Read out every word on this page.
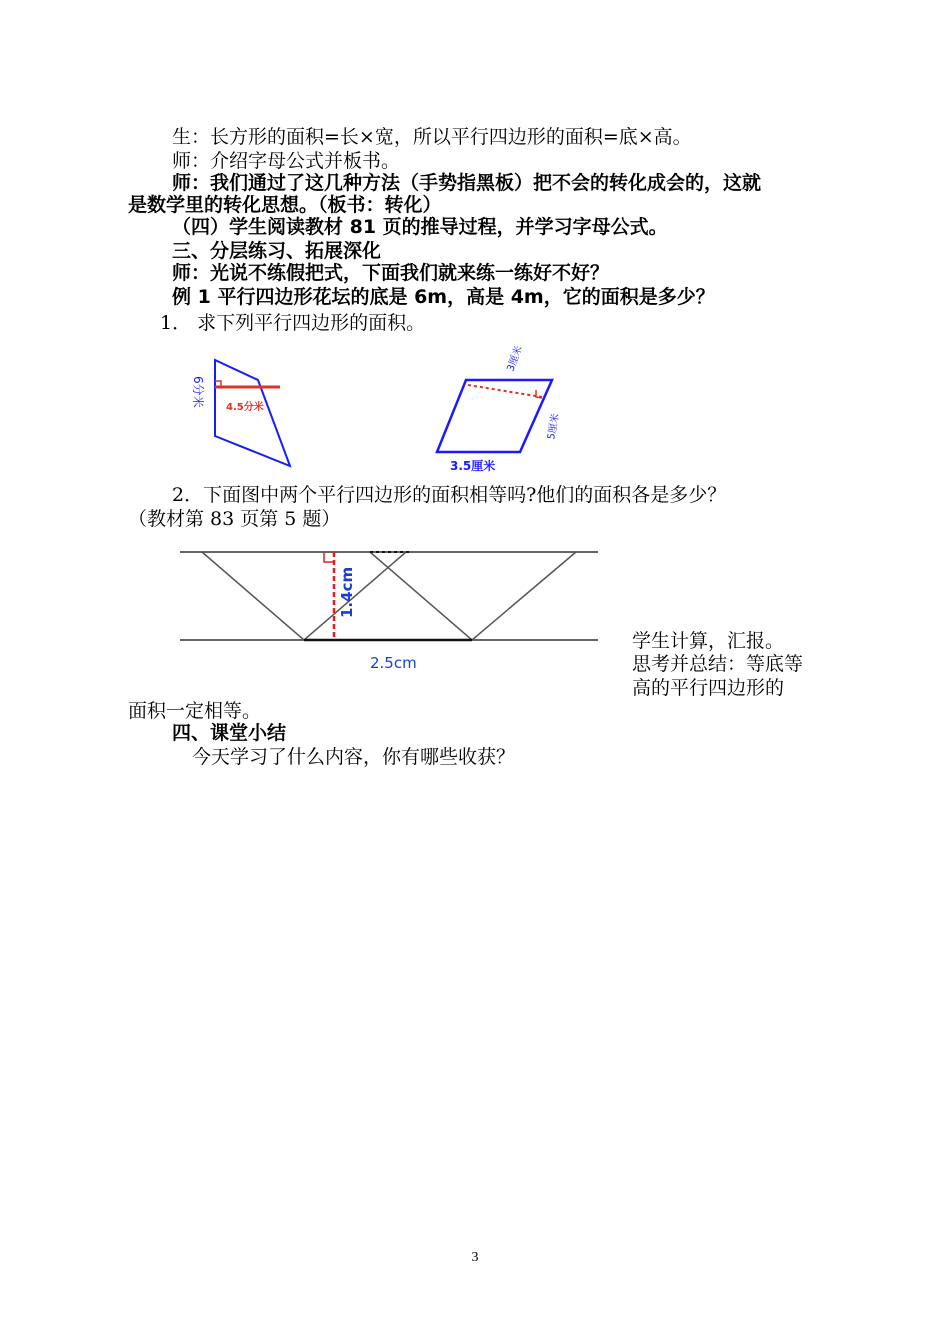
生：长方形的面积=长×宽，所以平行四边形的面积=底×高。
师：介绍字母公式并板书。
师：我们通过了这几种方法（手势指黑板）把不会的转化成会的，这就
是数学里的转化思想。（板书：转化）
（四）学生阅读教材 81 页的推导过程，并学习字母公式。
三、分层练习、拓展深化
师：光说不练假把式，下面我们就来练一练好不好？
例 1 平行四边形花坛的底是 6m，高是 4m，它的面积是多少？
1． 求下列平行四边形的面积。
6分米 4.5分米
3厘米
5厘米
3.5厘米
2．下面图中两个平行四边形的面积相等吗?他们的面积各是多少？
（教材第 83 页第 5 题）
1.4cm
2.5cm
学生计算，汇报。
思考并总结：等底等
高的平行四边形的
面积一定相等。
四、课堂小结
今天学习了什么内容，你有哪些收获？
3
